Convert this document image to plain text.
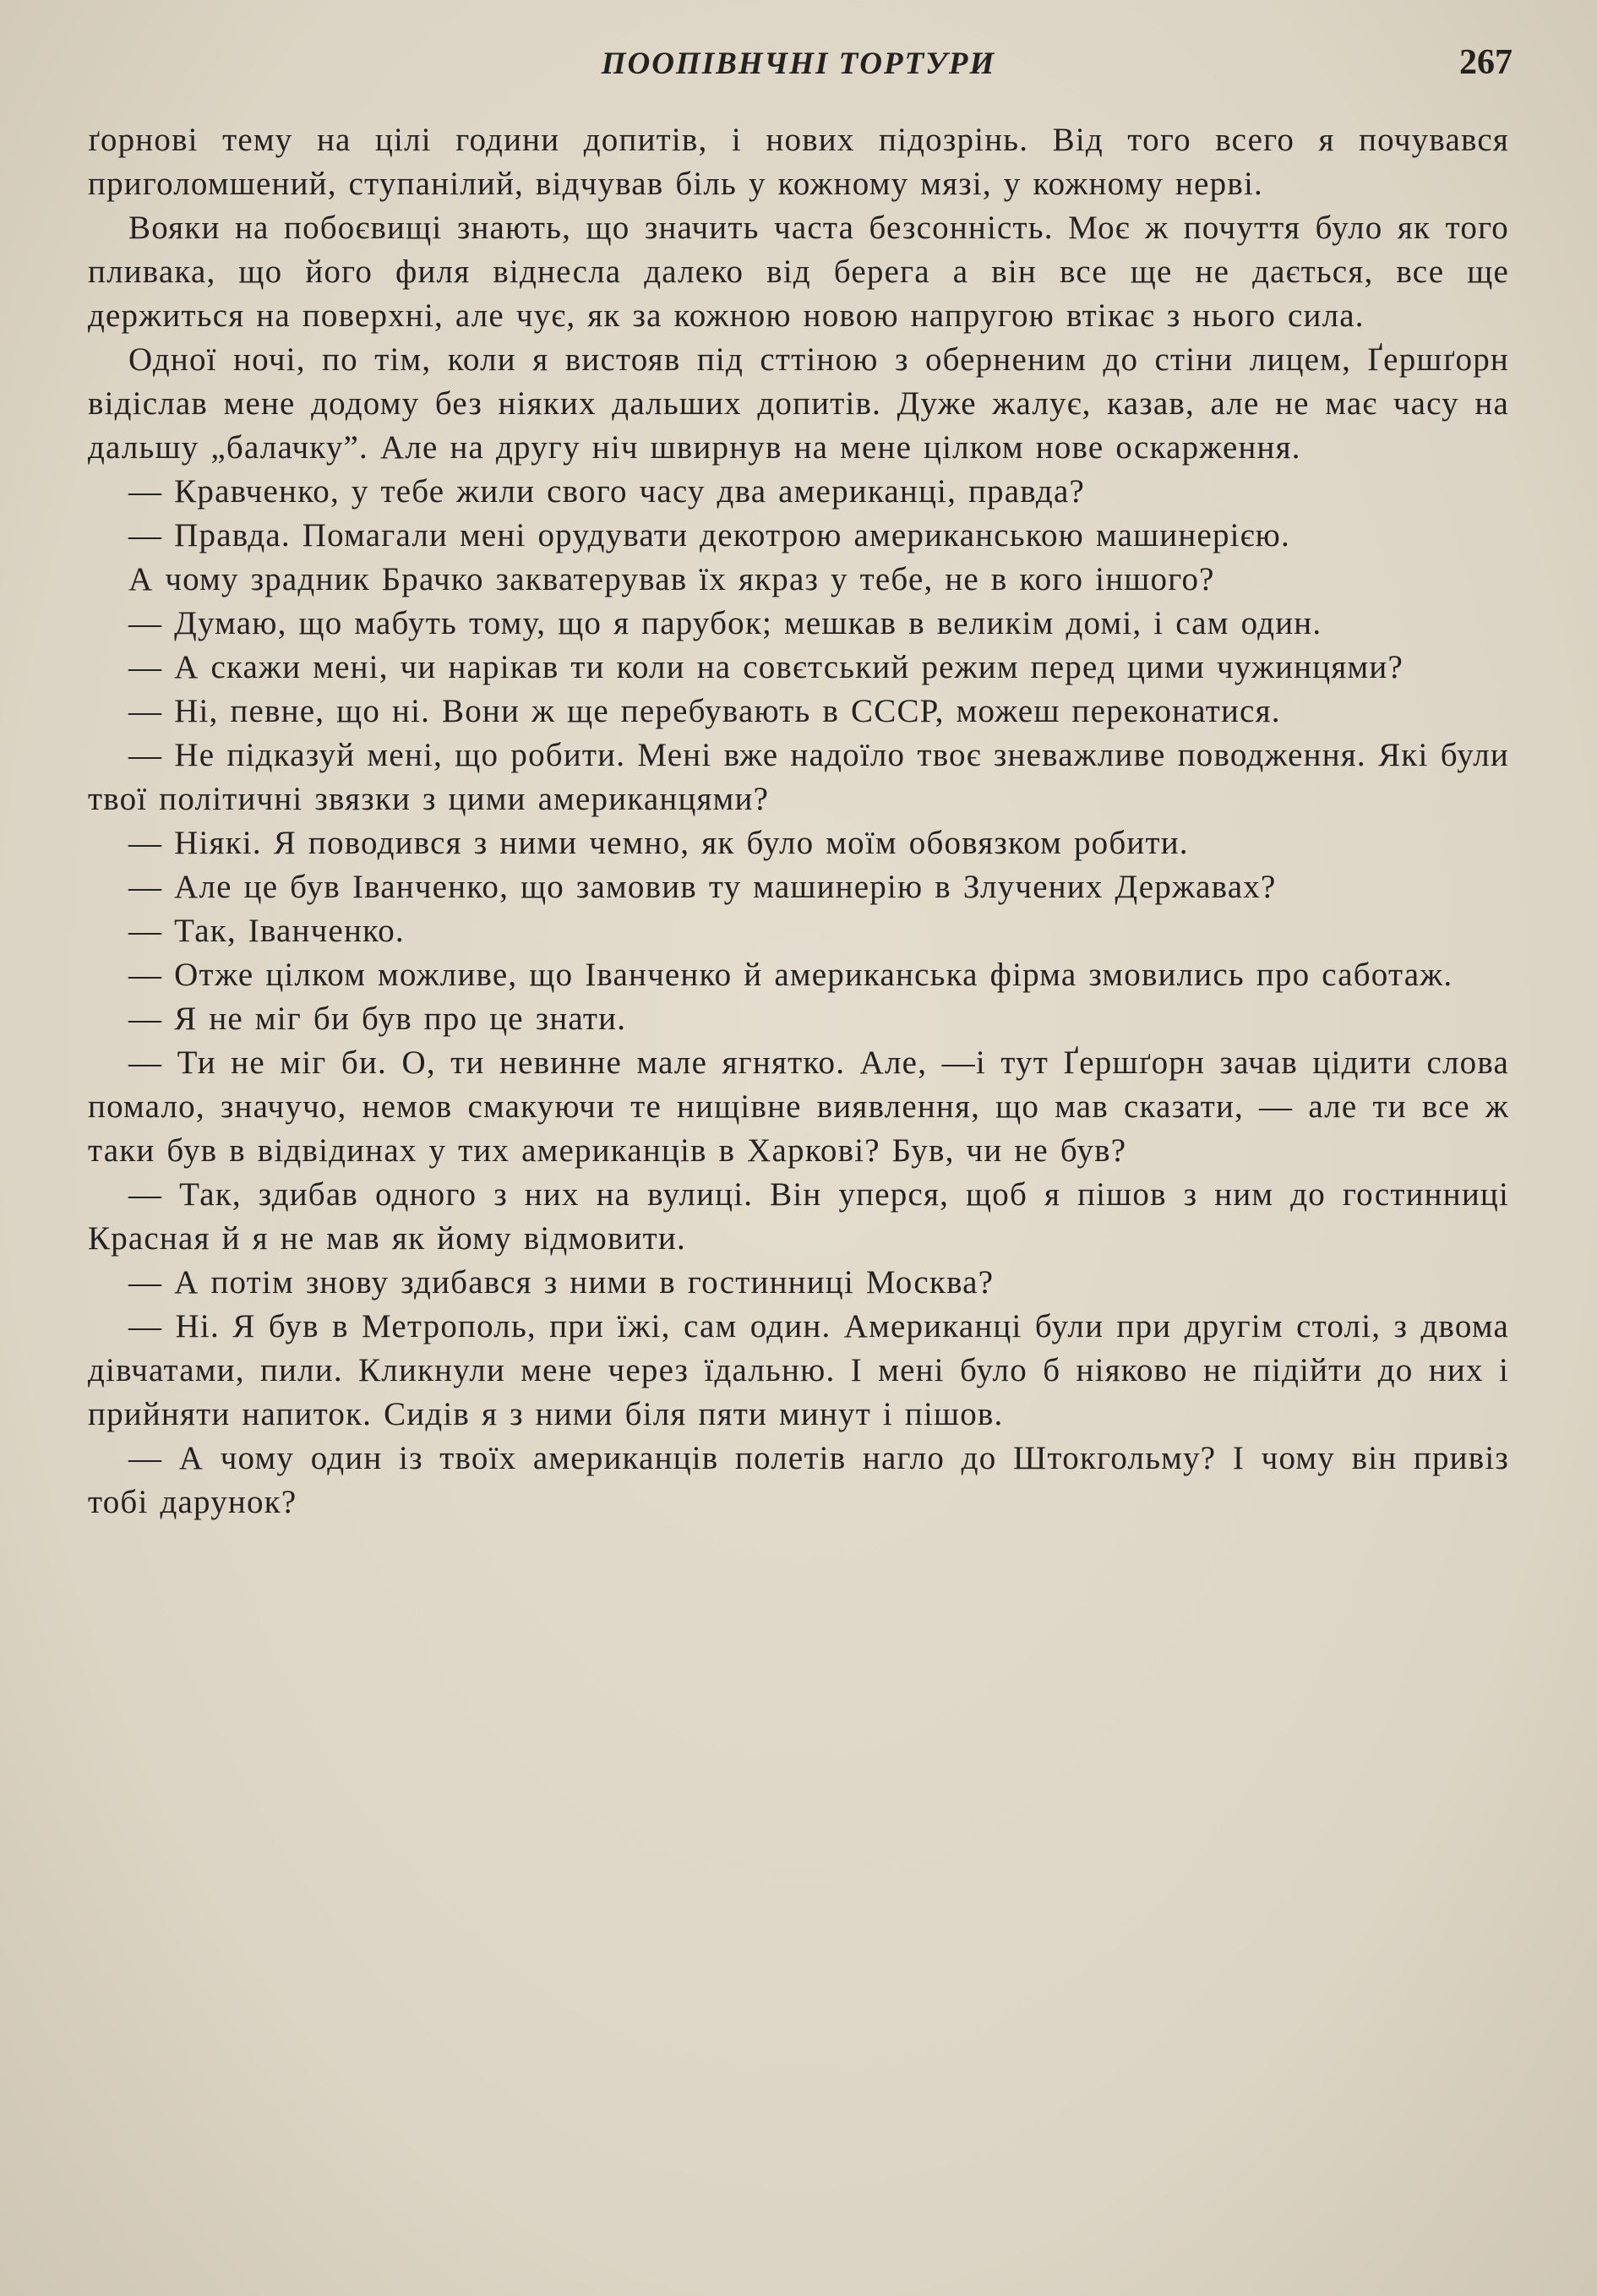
ПООПІВНЧНІ ТОРТУРИ	267

ґорнові тему на цілі години допитів, і нових підозрінь. Від того всего я почувався приголомшений, ступанілий, відчував біль у кожному мязі, у кожному нерві.

Вояки на побоєвищі знають, що значить часта безсонність. Моє ж почуття було як того пливака, що його филя віднесла далеко від берега а він все ще не дається, все ще держиться на поверхні, але чує, як за кожною новою напругою втікає з нього сила.

Одної ночі, по тім, коли я вистояв під сттіною з оберненим до стіни лицем, Ґершґорн відіслав мене додому без ніяких дальших допитів. Дуже жалує, казав, але не має часу на дальшу „балачку”. Але на другу ніч швирнув на мене цілком нове оскарження.

— Кравченко, у тебе жили свого часу два американці, правда?

— Правда. Помагали мені орудувати декотрою американською машинерією.

А чому зрадник Брачко закватерував їх якраз у тебе, не в кого іншого?

— Думаю, що мабуть тому, що я парубок; мешкав в великім домі, і сам один.

— А скажи мені, чи нарікав ти коли на совєтський режим перед цими чужинцями?

— Ні, певне, що ні. Вони ж ще перебувають в СССР, можеш переконатися.

— Не підказуй мені, що робити. Мені вже надоїло твоє зневажливе поводження. Які були твої політичні звязки з цими американцями?

— Ніякі. Я поводився з ними чемно, як було моїм обовязком робити.

— Але це був Іванченко, що замовив ту машинерію в Злучених Державах?

— Так, Іванченко.

— Отже цілком можливе, що Іванченко й американська фірма змовились про саботаж.

— Я не міг би був про це знати.

— Ти не міг би. О, ти невинне мале ягнятко. Але, —і тут Ґершґорн зачав цідити слова помало, значучо, немов смакуючи те нищівне виявлення, що мав сказати, — але ти все ж таки був в відвідинах у тих американців в Харкові? Був, чи не був?

— Так, здибав одного з них на вулиці. Він уперся, щоб я пішов з ним до гостинниці Красная й я не мав як йому відмовити.

— А потім знову здибався з ними в гостинниці Москва?

— Ні. Я був в Метрополь, при їжі, сам один. Американці були при другім столі, з двома дівчатами, пили. Кликнули мене через їдальню. І мені було б ніяково не підійти до них і прийняти напиток. Сидів я з ними біля пяти минут і пішов.

— А чому один із твоїх американців полетів нагло до Штокгольму? І чому він привіз тобі дарунок?
